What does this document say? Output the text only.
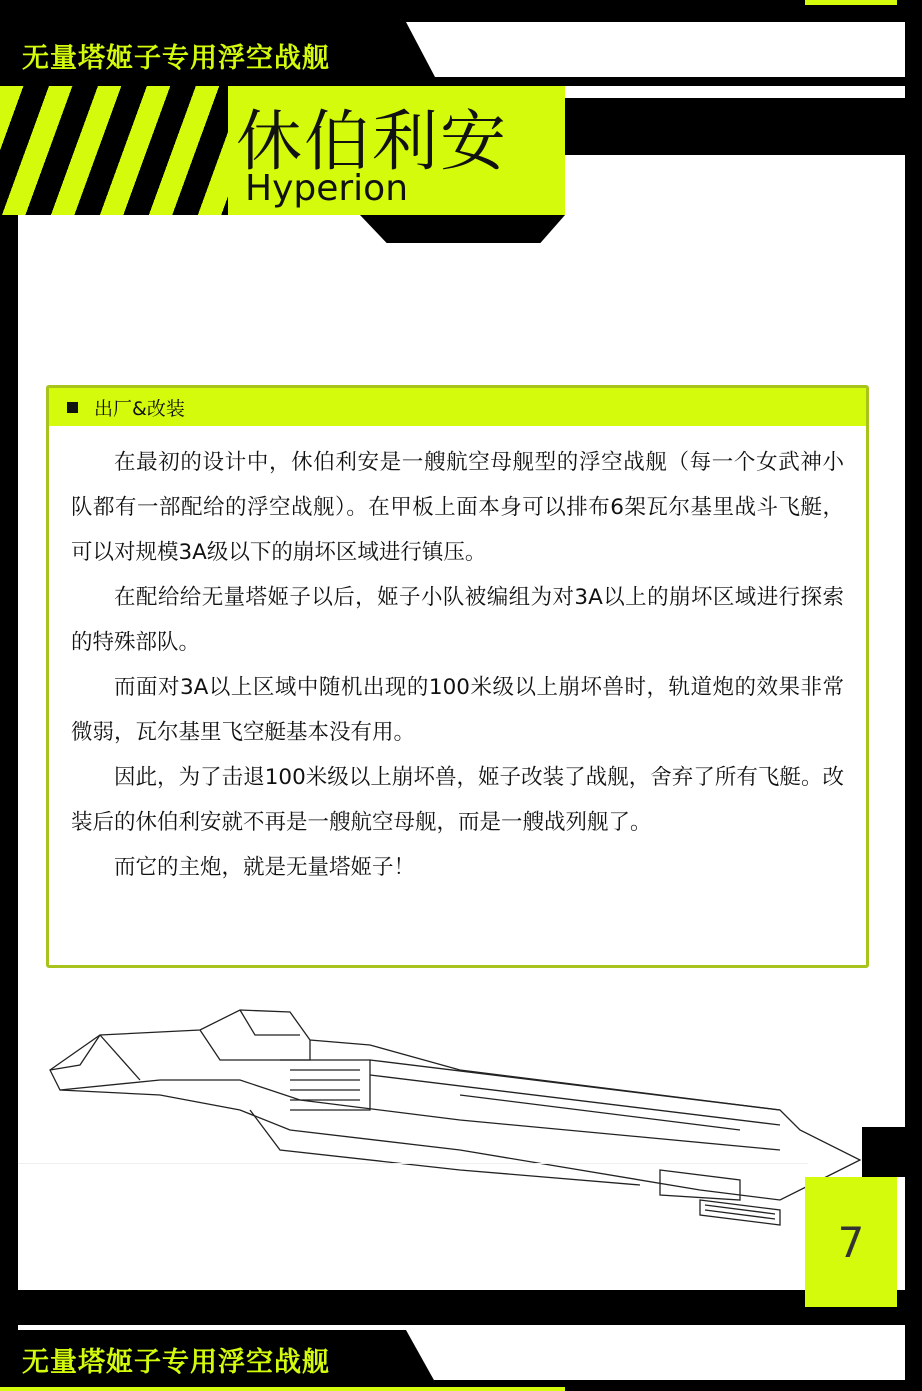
无量塔姬子专用浮空战舰
休伯利安
Hyperion
出厂&改装

在最初的设计中，休伯利安是一艘航空母舰型的浮空战舰（每一个女武神小队都有一部配给的浮空战舰）。在甲板上面本身可以排布6架瓦尔基里战斗飞艇，可以对规模3A级以下的崩坏区域进行镇压。

在配给给无量塔姬子以后，姬子小队被编组为对3A以上的崩坏区域进行探索的特殊部队。

而面对3A以上区域中随机出现的100米级以上崩坏兽时，轨道炮的效果非常微弱，瓦尔基里飞空艇基本没有用。

因此，为了击退100米级以上崩坏兽，姬子改装了战舰，舍弃了所有飞艇。改装后的休伯利安就不再是一艘航空母舰，而是一艘战列舰了。

而它的主炮，就是无量塔姬子！

7
无量塔姬子专用浮空战舰
